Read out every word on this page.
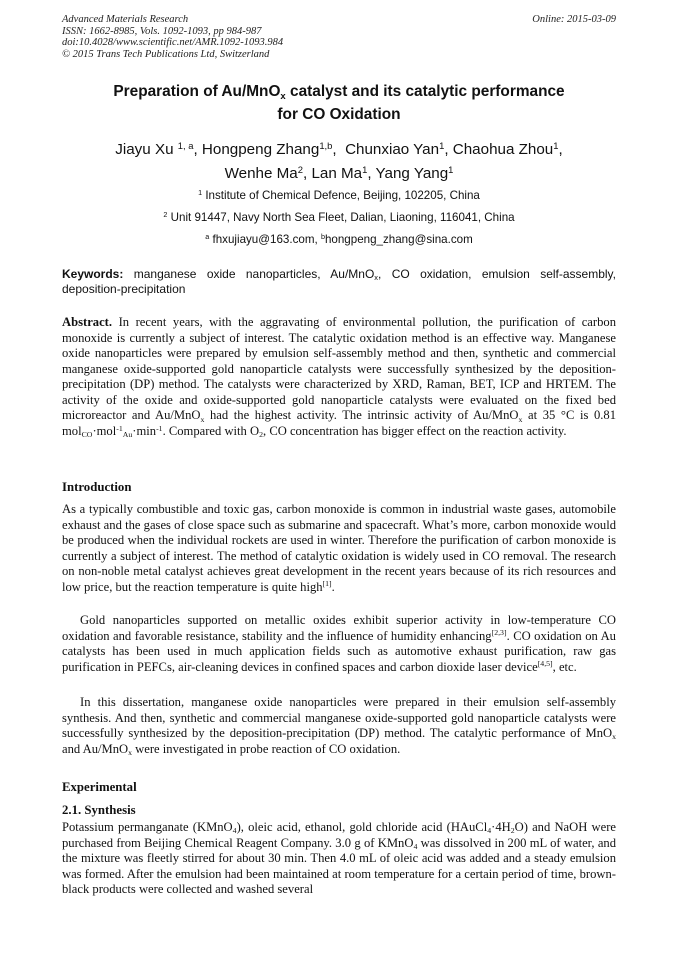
Advanced Materials Research
ISSN: 1662-8985, Vols. 1092-1093, pp 984-987
doi:10.4028/www.scientific.net/AMR.1092-1093.984
© 2015 Trans Tech Publications Ltd, Switzerland
Online: 2015-03-09
Preparation of Au/MnO$_x$ catalyst and its catalytic performance
for CO Oxidation
Jiayu Xu $^{1, a}$, Hongpeng Zhang$^{1,b}$,  Chunxiao Yan$^1$, Chaohua Zhou$^1$,
Wenhe Ma$^2$, Lan Ma$^1$, Yang Yang$^1$
$^1$ Institute of Chemical Defence, Beijing, 102205, China
$^2$ Unit 91447, Navy North Sea Fleet, Dalian, Liaoning, 116041, China
$^a$ fhxujiayu@163.com, $^b$hongpeng_zhang@sina.com
Keywords: manganese oxide nanoparticles, Au/MnO$_x$, CO oxidation, emulsion self-assembly, deposition-precipitation
Abstract. In recent years, with the aggravating of environmental pollution, the purification of carbon monoxide is currently a subject of interest. The catalytic oxidation method is an effective way. Manganese oxide nanoparticles were prepared by emulsion self-assembly method and then, synthetic and commercial manganese oxide-supported gold nanoparticle catalysts were successfully synthesized by the deposition-precipitation (DP) method. The catalysts were characterized by XRD, Raman, BET, ICP and HRTEM. The activity of the oxide and oxide-supported gold nanoparticle catalysts were evaluated on the fixed bed microreactor and Au/MnO$_x$ had the highest activity. The intrinsic activity of Au/MnO$_x$ at 35 °C is 0.81 $mol_{CO}\cdot mol^{-1}_{Au}\cdot\min^{-1}$. Compared with $O_2$, CO concentration has bigger effect on the reaction activity.
Introduction

As a typically combustible and toxic gas, carbon monoxide is common in industrial waste gases, automobile exhaust and the gases of close space such as submarine and spacecraft. What’s more, carbon monoxide would be produced when the individual rockets are used in winter. Therefore the purification of carbon monoxide is currently a subject of interest. The method of catalytic oxidation is widely used in CO removal. The research on non-noble metal catalyst achieves great development in the recent years because of its rich resources and low price, but the reaction temperature is quite high[1].

Gold nanoparticles supported on metallic oxides exhibit superior activity in low-temperature CO oxidation and favorable resistance, stability and the influence of humidity enhancing[2,3]. CO oxidation on Au catalysts has been used in much application fields such as automotive exhaust purification, raw gas purification in PEFCs, air-cleaning devices in confined spaces and carbon dioxide laser device[4,5], etc.

In this dissertation, manganese oxide nanoparticles were prepared in their emulsion self-assembly synthesis. And then, synthetic and commercial manganese oxide-supported gold nanoparticle catalysts were successfully synthesized by the deposition-precipitation (DP) method. The catalytic performance of MnO$_x$ and Au/MnO$_x$ were investigated in probe reaction of CO oxidation.

Experimental
2.1. Synthesis

Potassium permanganate (KMnO$_4$), oleic acid, ethanol, gold chloride acid $(HAuCl_4\cdot 4H_2O)$ and NaOH were purchased from Beijing Chemical Reagent Company. 3.0 g of KMnO$_4$ was dissolved in 200 mL of water, and the mixture was fleetly stirred for about 30 min. Then 4.0 mL of oleic acid was added and a steady emulsion was formed. After the emulsion had been maintained at room temperature for a certain period of time, brown-black products were collected and washed several
